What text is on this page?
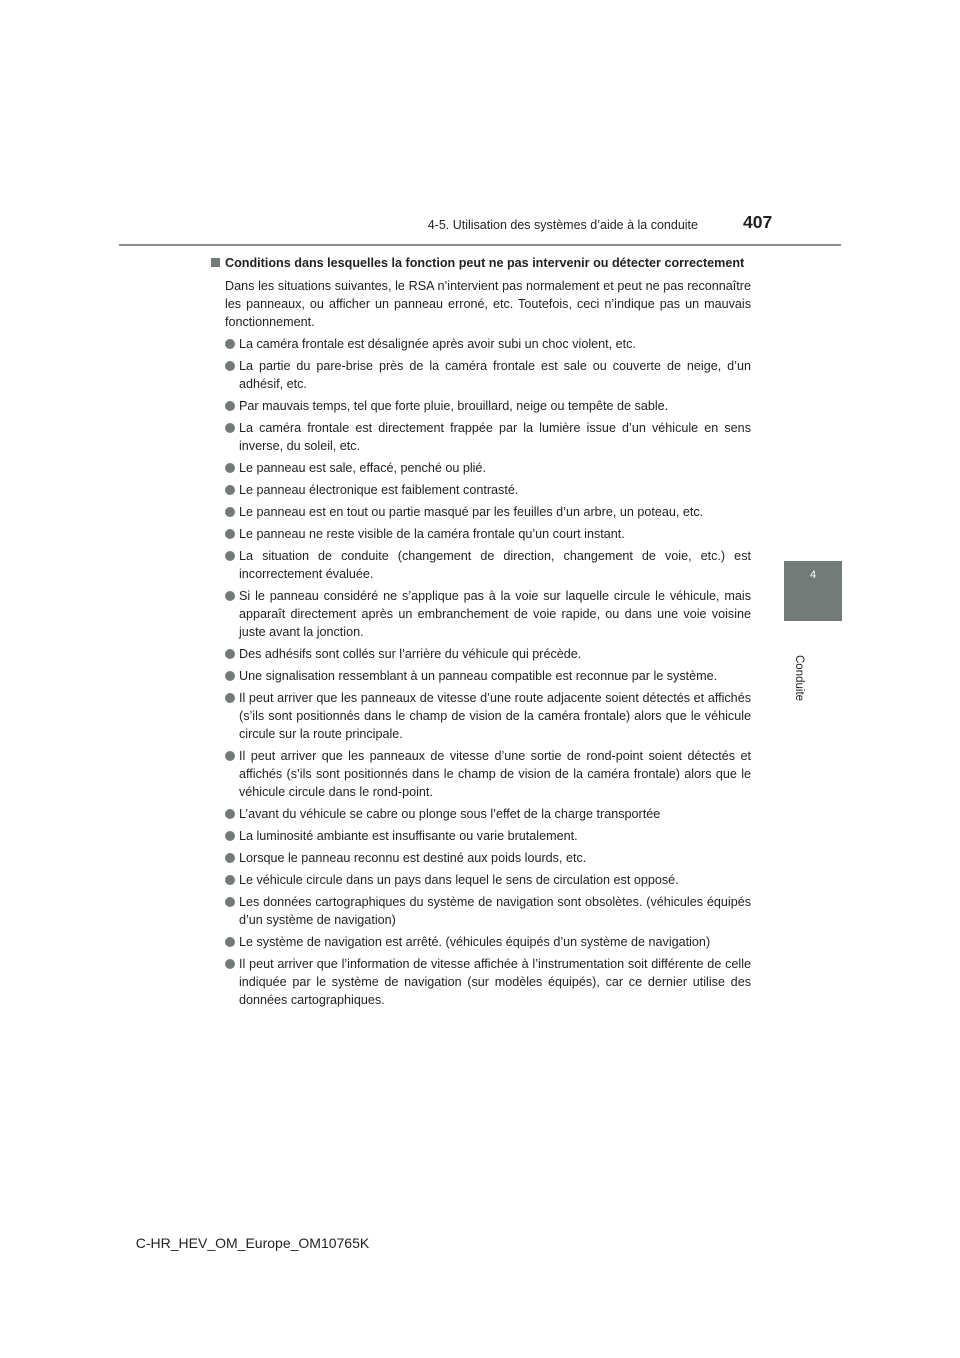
4-5. Utilisation des systèmes d’aide à la conduite	407
4
Conduite
Conditions dans lesquelles la fonction peut ne pas intervenir ou détecter correctement
Dans les situations suivantes, le RSA n’intervient pas normalement et peut ne pas reconnaître les panneaux, ou afficher un panneau erroné, etc. Toutefois, ceci n’indique pas un mauvais fonctionnement.
La caméra frontale est désalignée après avoir subi un choc violent, etc.
La partie du pare-brise près de la caméra frontale est sale ou couverte de neige, d’un adhésif, etc.
Par mauvais temps, tel que forte pluie, brouillard, neige ou tempête de sable.
La caméra frontale est directement frappée par la lumière issue d’un véhicule en sens inverse, du soleil, etc.
Le panneau est sale, effacé, penché ou plié.
Le panneau électronique est faiblement contrasté.
Le panneau est en tout ou partie masqué par les feuilles d’un arbre, un poteau, etc.
Le panneau ne reste visible de la caméra frontale qu’un court instant.
La situation de conduite (changement de direction, changement de voie, etc.) est incorrectement évaluée.
Si le panneau considéré ne s’applique pas à la voie sur laquelle circule le véhicule, mais apparaît directement après un embranchement de voie rapide, ou dans une voie voisine juste avant la jonction.
Des adhésifs sont collés sur l’arrière du véhicule qui précède.
Une signalisation ressemblant à un panneau compatible est reconnue par le système.
Il peut arriver que les panneaux de vitesse d’une route adjacente soient détectés et affichés (s’ils sont positionnés dans le champ de vision de la caméra frontale) alors que le véhicule circule sur la route principale.
Il peut arriver que les panneaux de vitesse d’une sortie de rond-point soient détectés et affichés (s’ils sont positionnés dans le champ de vision de la caméra frontale) alors que le véhicule circule dans le rond-point.
L’avant du véhicule se cabre ou plonge sous l’effet de la charge transportée
La luminosité ambiante est insuffisante ou varie brutalement.
Lorsque le panneau reconnu est destiné aux poids lourds, etc.
Le véhicule circule dans un pays dans lequel le sens de circulation est opposé.
Les données cartographiques du système de navigation sont obsolètes. (véhicules équipés d’un système de navigation)
Le système de navigation est arrêté. (véhicules équipés d’un système de navigation)
Il peut arriver que l’information de vitesse affichée à l’instrumentation soit différente de celle indiquée par le système de navigation (sur modèles équipés), car ce dernier utilise des données cartographiques.
C-HR_HEV_OM_Europe_OM10765K
